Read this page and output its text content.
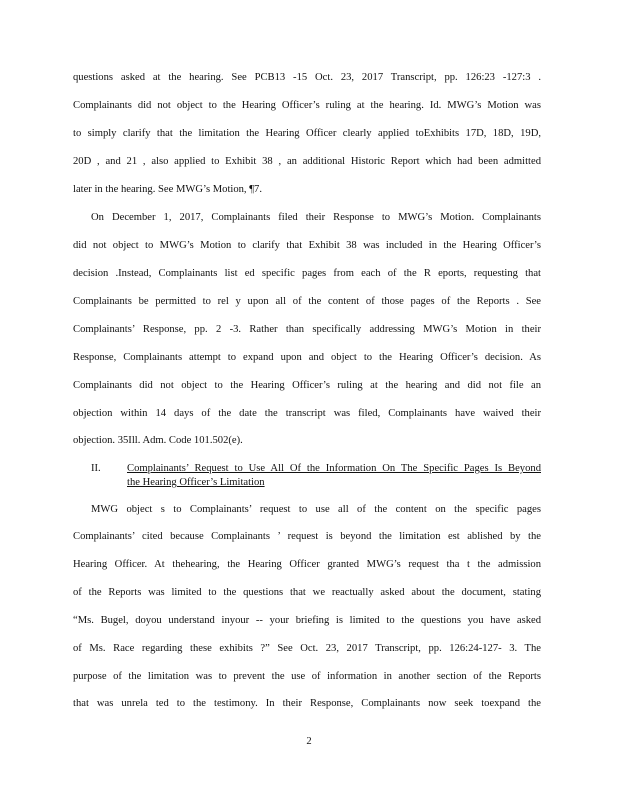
questions asked at the hearing. See PCB13 -15 Oct. 23, 2017 Transcript, pp. 126:23 -127:3 .
Complainants did not object to the Hearing Officer’s ruling at the hearing. Id. MWG’s Motion was
to simply clarify that the limitation the Hearing Officer clearly applied toExhibits 17D, 18D, 19D,
20D , and 21 , also applied to Exhibit 38 , an additional Historic Report which had been admitted
later in the hearing. See MWG’s Motion, ¶7.
On December 1, 2017, Complainants filed their Response to MWG’s Motion. Complainants
did not object to MWG’s Motion to clarify that Exhibit 38 was included in the Hearing Officer’s
decision .Instead, Complainants list ed specific pages from each of the R eports, requesting that
Complainants be permitted to rel y upon all of the content of those pages of the Reports . See
Complainants’ Response, pp. 2 -3. Rather than specifically addressing MWG’s Motion in their
Response, Complainants attempt to expand upon and object to the Hearing Officer’s decision. As
Complainants did not object to the Hearing Officer’s ruling at the hearing and did not file an
objection within 14 days of the date the transcript was filed, Complainants have waived their
objection. 35Ill. Adm. Code 101.502(e).
II. Complainants’ Request to Use All Of the Information On The Specific Pages Is Beyond
the Hearing Officer’s Limitation
MWG object s to Complainants’ request to use all of the content on the specific pages
Complainants’ cited because Complainants ’ request is beyond the limitation est ablished by the
Hearing Officer. At thehearing, the Hearing Officer granted MWG’s request tha t the admission
of the Reports was limited to the questions that we reactually asked about the document, stating
“Ms. Bugel, doyou understand inyour -- your briefing is limited to the questions you have asked
of Ms. Race regarding these exhibits ?” See Oct. 23, 2017 Transcript, pp. 126:24-127- 3. The
purpose of the limitation was to prevent the use of information in another section of the Reports
that was unrela ted to the testimony. In their Response, Complainants now seek toexpand the
2
